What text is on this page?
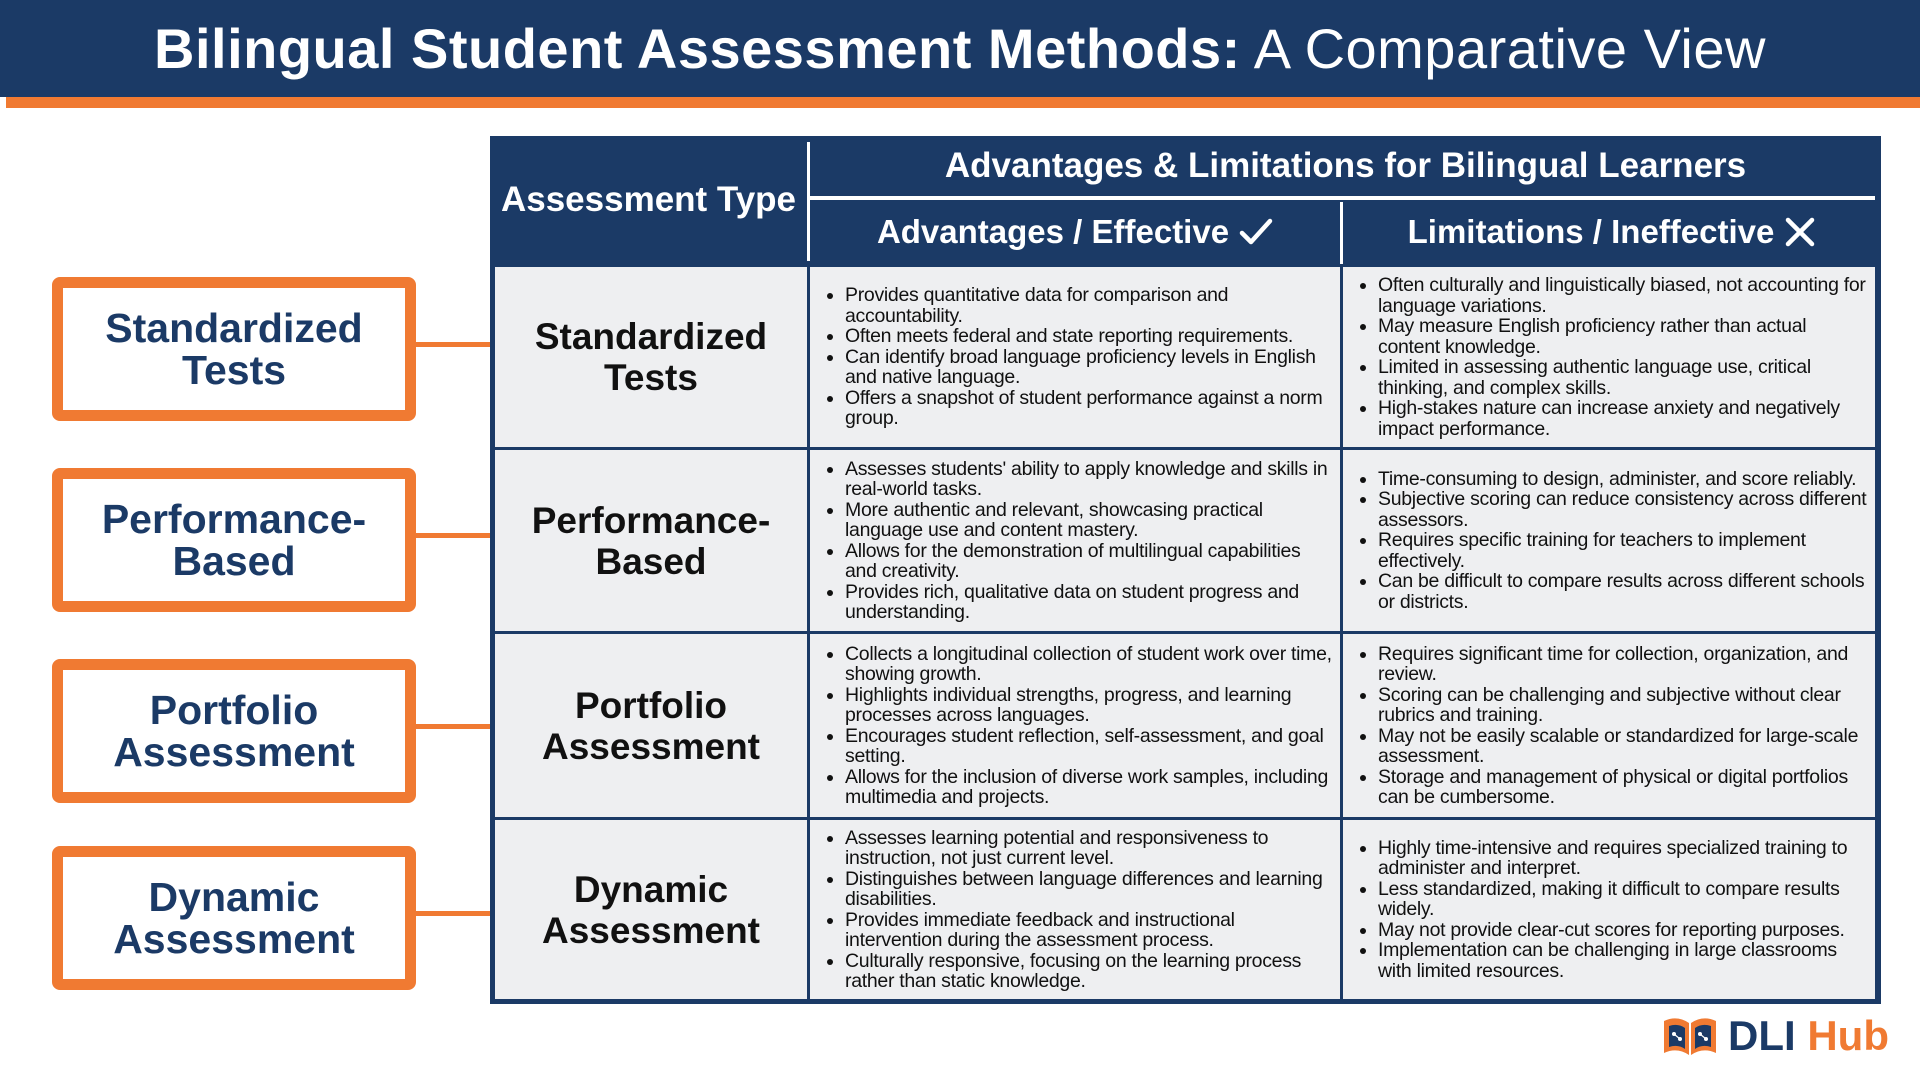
Bilingual Student Assessment Methods: A Comparative View
Standardized
Tests
Performance-
Based
Portfolio
Assessment
Dynamic
Assessment
Assessment Type
Advantages & Limitations for Bilingual Learners
Advantages / Effective	Limitations / Ineffective
Standardized
Tests
• Provides quantitative data for comparison and accountability.
• Often meets federal and state reporting requirements.
• Can identify broad language proficiency levels in English and native language.
• Offers a snapshot of student performance against a norm group.
• Often culturally and linguistically biased, not accounting for language variations.
• May measure English proficiency rather than actual content knowledge.
• Limited in assessing authentic language use, critical thinking, and complex skills.
• High-stakes nature can increase anxiety and negatively impact performance.
Performance-
Based
• Assesses students' ability to apply knowledge and skills in real-world tasks.
• More authentic and relevant, showcasing practical language use and content mastery.
• Allows for the demonstration of multilingual capabilities and creativity.
• Provides rich, qualitative data on student progress and understanding.
• Time-consuming to design, administer, and score reliably.
• Subjective scoring can reduce consistency across different assessors.
• Requires specific training for teachers to implement effectively.
• Can be difficult to compare results across different schools or districts.
Portfolio
Assessment
• Collects a longitudinal collection of student work over time, showing growth.
• Highlights individual strengths, progress, and learning processes across languages.
• Encourages student reflection, self-assessment, and goal setting.
• Allows for the inclusion of diverse work samples, including multimedia and projects.
• Requires significant time for collection, organization, and review.
• Scoring can be challenging and subjective without clear rubrics and training.
• May not be easily scalable or standardized for large-scale assessment.
• Storage and management of physical or digital portfolios can be cumbersome.
Dynamic
Assessment
• Assesses learning potential and responsiveness to instruction, not just current level.
• Distinguishes between language differences and learning disabilities.
• Provides immediate feedback and instructional intervention during the assessment process.
• Culturally responsive, focusing on the learning process rather than static knowledge.
• Highly time-intensive and requires specialized training to administer and interpret.
• Less standardized, making it difficult to compare results widely.
• May not provide clear-cut scores for reporting purposes.
• Implementation can be challenging in large classrooms with limited resources.
DLI Hub
